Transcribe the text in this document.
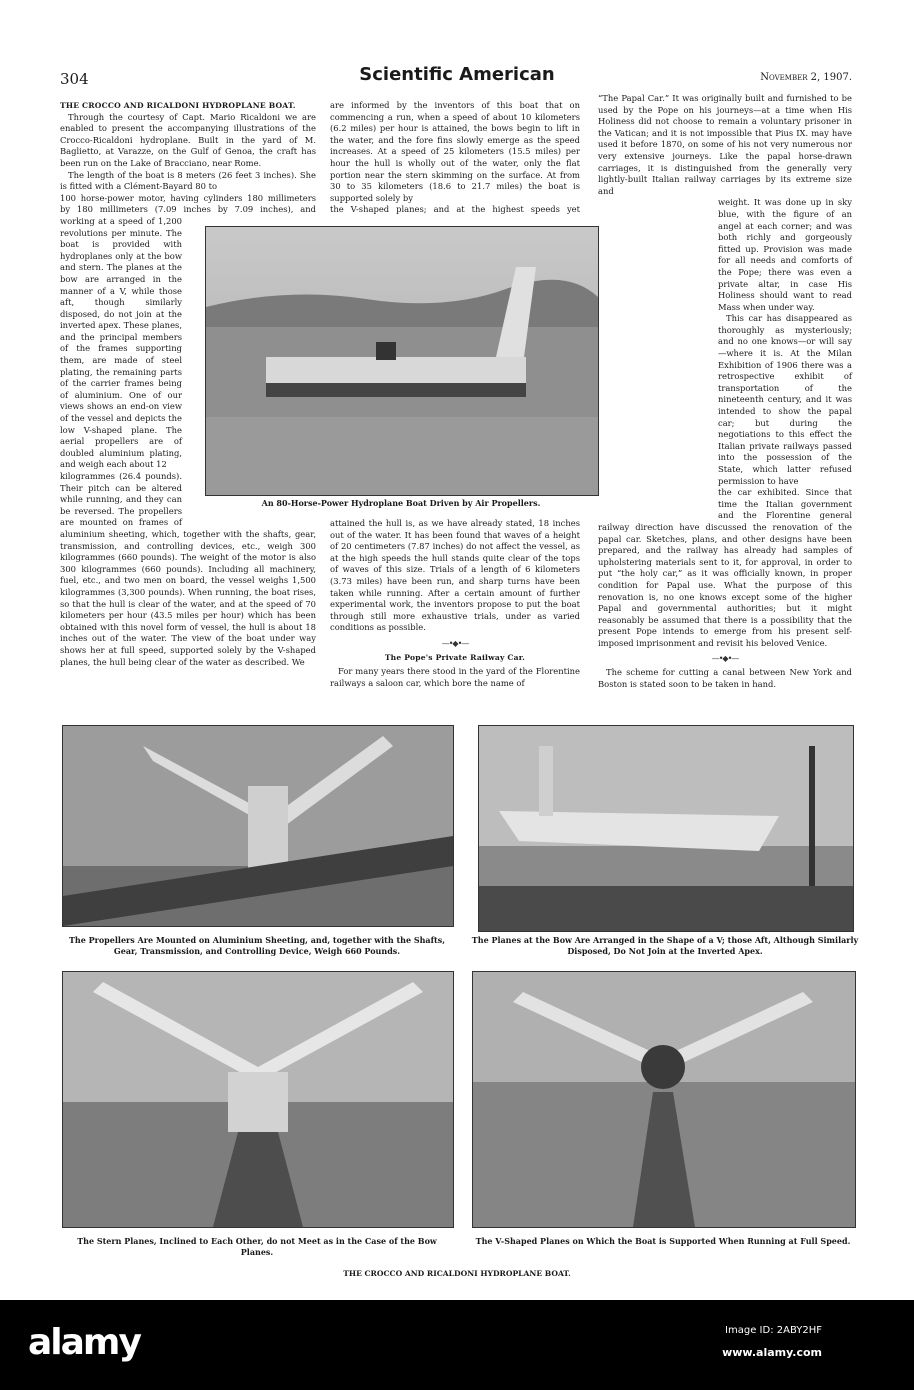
304	Scientific American	November 2, 1907.
An 80-Horse-Power Hydroplane Boat Driven by Air Propellers.
THE CROCCO AND RICALDONI HYDROPLANE BOAT.

Through the courtesy of Capt. Mario Ricaldoni we are enabled to present the accompanying illustrations of the Crocco-Ricaldoni hydroplane. Built in the yard of M. Baglietto, at Varazze, on the Gulf of Genoa, the craft has been run on the Lake of Bracciano, near Rome.

The length of the boat is 8 meters (26 feet 3 inches). She is fitted with a Clément-Bayard 80 to

100 horse-power motor, having cylinders 180 millimeters by 180 millimeters (7.09 inches by 7.09 inches), and working at a speed of 1,200 revolutions per minute. The boat is provided with hydroplanes only at the bow and stern. The planes at the bow are arranged in the manner of a V, while those aft, though similarly disposed, do not join at the inverted apex. These planes, and the principal members of the frames supporting them, are made of steel plating, the remaining parts of the carrier frames being of aluminium. One of our views shows an end-on view of the vessel and depicts the low V-shaped plane. The aerial propellers are of doubled aluminium plating, and weigh each about 12

kilogrammes (26.4 pounds). Their pitch can be altered while running, and they can be reversed. The propellers are mounted on frames of aluminium sheeting, which, together with the shafts, gear, transmission, and controlling devices, etc., weigh 300 kilogrammes (660 pounds). The weight of the motor is also 300 kilogrammes (660 pounds). Including all machinery, fuel, etc., and two men on board, the vessel weighs 1,500 kilogrammes (3,300 pounds). When running, the boat rises, so that the hull is clear of the water, and at the speed of 70 kilometers per hour (43.5 miles per hour) which has been obtained with this novel form of vessel, the hull is about 18 inches out of the water. The view of the boat under way shows her at full speed, supported solely by the V-shaped planes, the hull being clear of the water as described. We

are informed by the inventors of this boat that on commencing a run, when a speed of about 10 kilometers (6.2 miles) per hour is attained, the bows begin to lift in the water, and the fore fins slowly emerge as the speed increases. At a speed of 25 kilometers (15.5 miles) per hour the hull is wholly out of the water, only the flat portion near the stern skimming on the surface. At from 30 to 35 kilometers (18.6 to 21.7 miles) the boat is supported solely by

the V-shaped planes; and at the highest speeds yet attained the hull is, as we have already stated, 18 inches out of the water. It has been found that waves of a height of 20 centimeters (7.87 inches) do not affect the vessel, as at the high speeds the hull stands quite clear of the tops of waves of this size. Trials of a length of 6 kilometers (3.73 miles) have been run, and sharp turns have been taken while running. After a certain amount of further experimental work, the inventors propose to put the boat through still more exhaustive trials, under as varied conditions as possible.

—•◆•—
The Pope's Private Railway Car.

For many years there stood in the yard of the Florentine railways a saloon car, which bore the name of

“The Papal Car.” It was originally built and furnished to be used by the Pope on his journeys—at a time when His Holiness did not choose to remain a voluntary prisoner in the Vatican; and it is not impossible that Pius IX. may have used it before 1870, on some of his not very numerous nor very extensive journeys. Like the papal horse-drawn carriages, it is distinguished from the generally very lightly-built Italian railway carriages by its extreme size and

weight. It was done up in sky blue, with the figure of an angel at each corner; and was both richly and gorgeously fitted up. Provision was made for all needs and comforts of the Pope; there was even a private altar, in case His Holiness should want to read Mass when under way.

This car has disappeared as thoroughly as mysteriously; and no one knows—or will say—where it is. At the Milan Exhibition of 1906 there was a retrospective exhibit of transportation of the nineteenth century, and it was intended to show the papal car; but during the negotiations to this effect the Italian private railways passed into the possession of the State, which latter refused permission to have

the car exhibited. Since that time the Italian government and the Florentine general railway direction have discussed the renovation of the papal car. Sketches, plans, and other designs have been prepared, and the railway has already had samples of upholstering materials sent to it, for approval, in order to put “the holy car,” as it was officially known, in proper condition for Papal use. What the purpose of this renovation is, no one knows except some of the higher Papal and governmental authorities; but it might reasonably be assumed that there is a possibility that the present Pope intends to emerge from his present self-imposed imprisonment and revisit his beloved Venice.

—•◆•—

The scheme for cutting a canal between New York and Boston is stated soon to be taken in hand.

The Propellers Are Mounted on Aluminium Sheeting, and, together with the Shafts, Gear, Transmission, and Controlling Device, Weigh 660 Pounds.
The Planes at the Bow Are Arranged in the Shape of a V; those Aft, Although Similarly Disposed, Do Not Join at the Inverted Apex.
The Stern Planes, Inclined to Each Other, do not Meet as in the Case of the Bow Planes.
The V-Shaped Planes on Which the Boat is Supported When Running at Full Speed.
THE CROCCO AND RICALDONI HYDROPLANE BOAT.
alamy	Image ID: 2ABY2HF
www.alamy.com
